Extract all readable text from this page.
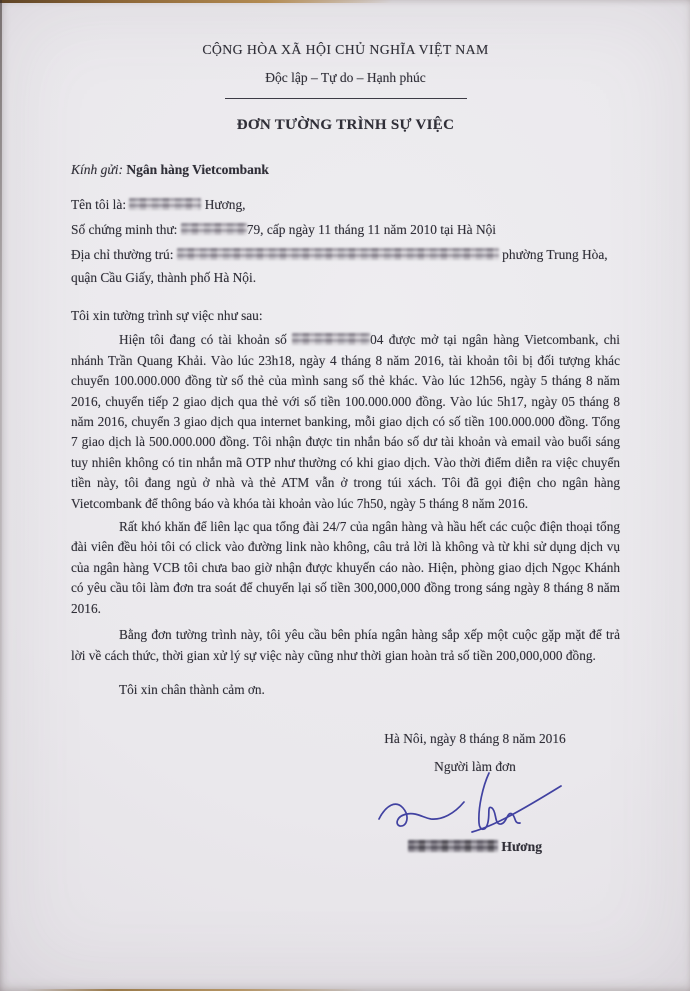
CỘNG HÒA XÃ HỘI CHỦ NGHĨA VIỆT NAM
Độc lập – Tự do – Hạnh phúc
ĐƠN TƯỜNG TRÌNH SỰ VIỆC
Kính gửi: Ngân hàng Vietcombank
Tên tôi là:	Hương,
Số chứng minh thư:	79, cấp ngày 11 tháng 11 năm 2010 tại Hà Nội
Địa chỉ thường trú:	phường Trung Hòa, quận Cầu Giấy, thành phố Hà Nội.
Tôi xin tường trình sự việc như sau:
Hiện tôi đang có tài khoản số	04 được mở tại ngân hàng Vietcombank, chi nhánh Trần Quang Khải. Vào lúc 23h18, ngày 4 tháng 8 năm 2016, tài khoản tôi bị đối tượng khác chuyển 100.000.000 đồng từ số thẻ của mình sang số thẻ khác. Vào lúc 12h56, ngày 5 tháng 8 năm 2016, chuyển tiếp 2 giao dịch qua thẻ với số tiền 100.000.000 đồng. Vào lúc 5h17, ngày 05 tháng 8 năm 2016, chuyển 3 giao dịch qua internet banking, mỗi giao dịch có số tiền 100.000.000 đồng. Tổng 7 giao dịch là 500.000.000 đồng. Tôi nhận được tin nhắn báo số dư tài khoản và email vào buổi sáng tuy nhiên không có tin nhắn mã OTP như thường có khi giao dịch. Vào thời điểm diễn ra việc chuyển tiền này, tôi đang ngủ ở nhà và thẻ ATM vẫn ở trong túi xách. Tôi đã gọi điện cho ngân hàng Vietcombank để thông báo và khóa tài khoản vào lúc 7h50, ngày 5 tháng 8 năm 2016.
Rất khó khăn để liên lạc qua tổng đài 24/7 của ngân hàng và hầu hết các cuộc điện thoại tổng đài viên đều hỏi tôi có click vào đường link nào không, câu trả lời là không và từ khi sử dụng dịch vụ của ngân hàng VCB tôi chưa bao giờ nhận được khuyến cáo nào. Hiện, phòng giao dịch Ngọc Khánh có yêu cầu tôi làm đơn tra soát để chuyển lại số tiền 300,000,000 đồng trong sáng ngày 8 tháng 8 năm 2016.
Bằng đơn tường trình này, tôi yêu cầu bên phía ngân hàng sắp xếp một cuộc gặp mặt để trả lời về cách thức, thời gian xử lý sự việc này cũng như thời gian hoàn trả số tiền 200,000,000 đồng.
Tôi xin chân thành cảm ơn.
Hà Nôi, ngày 8 tháng 8 năm 2016
Người làm đơn
Hương
